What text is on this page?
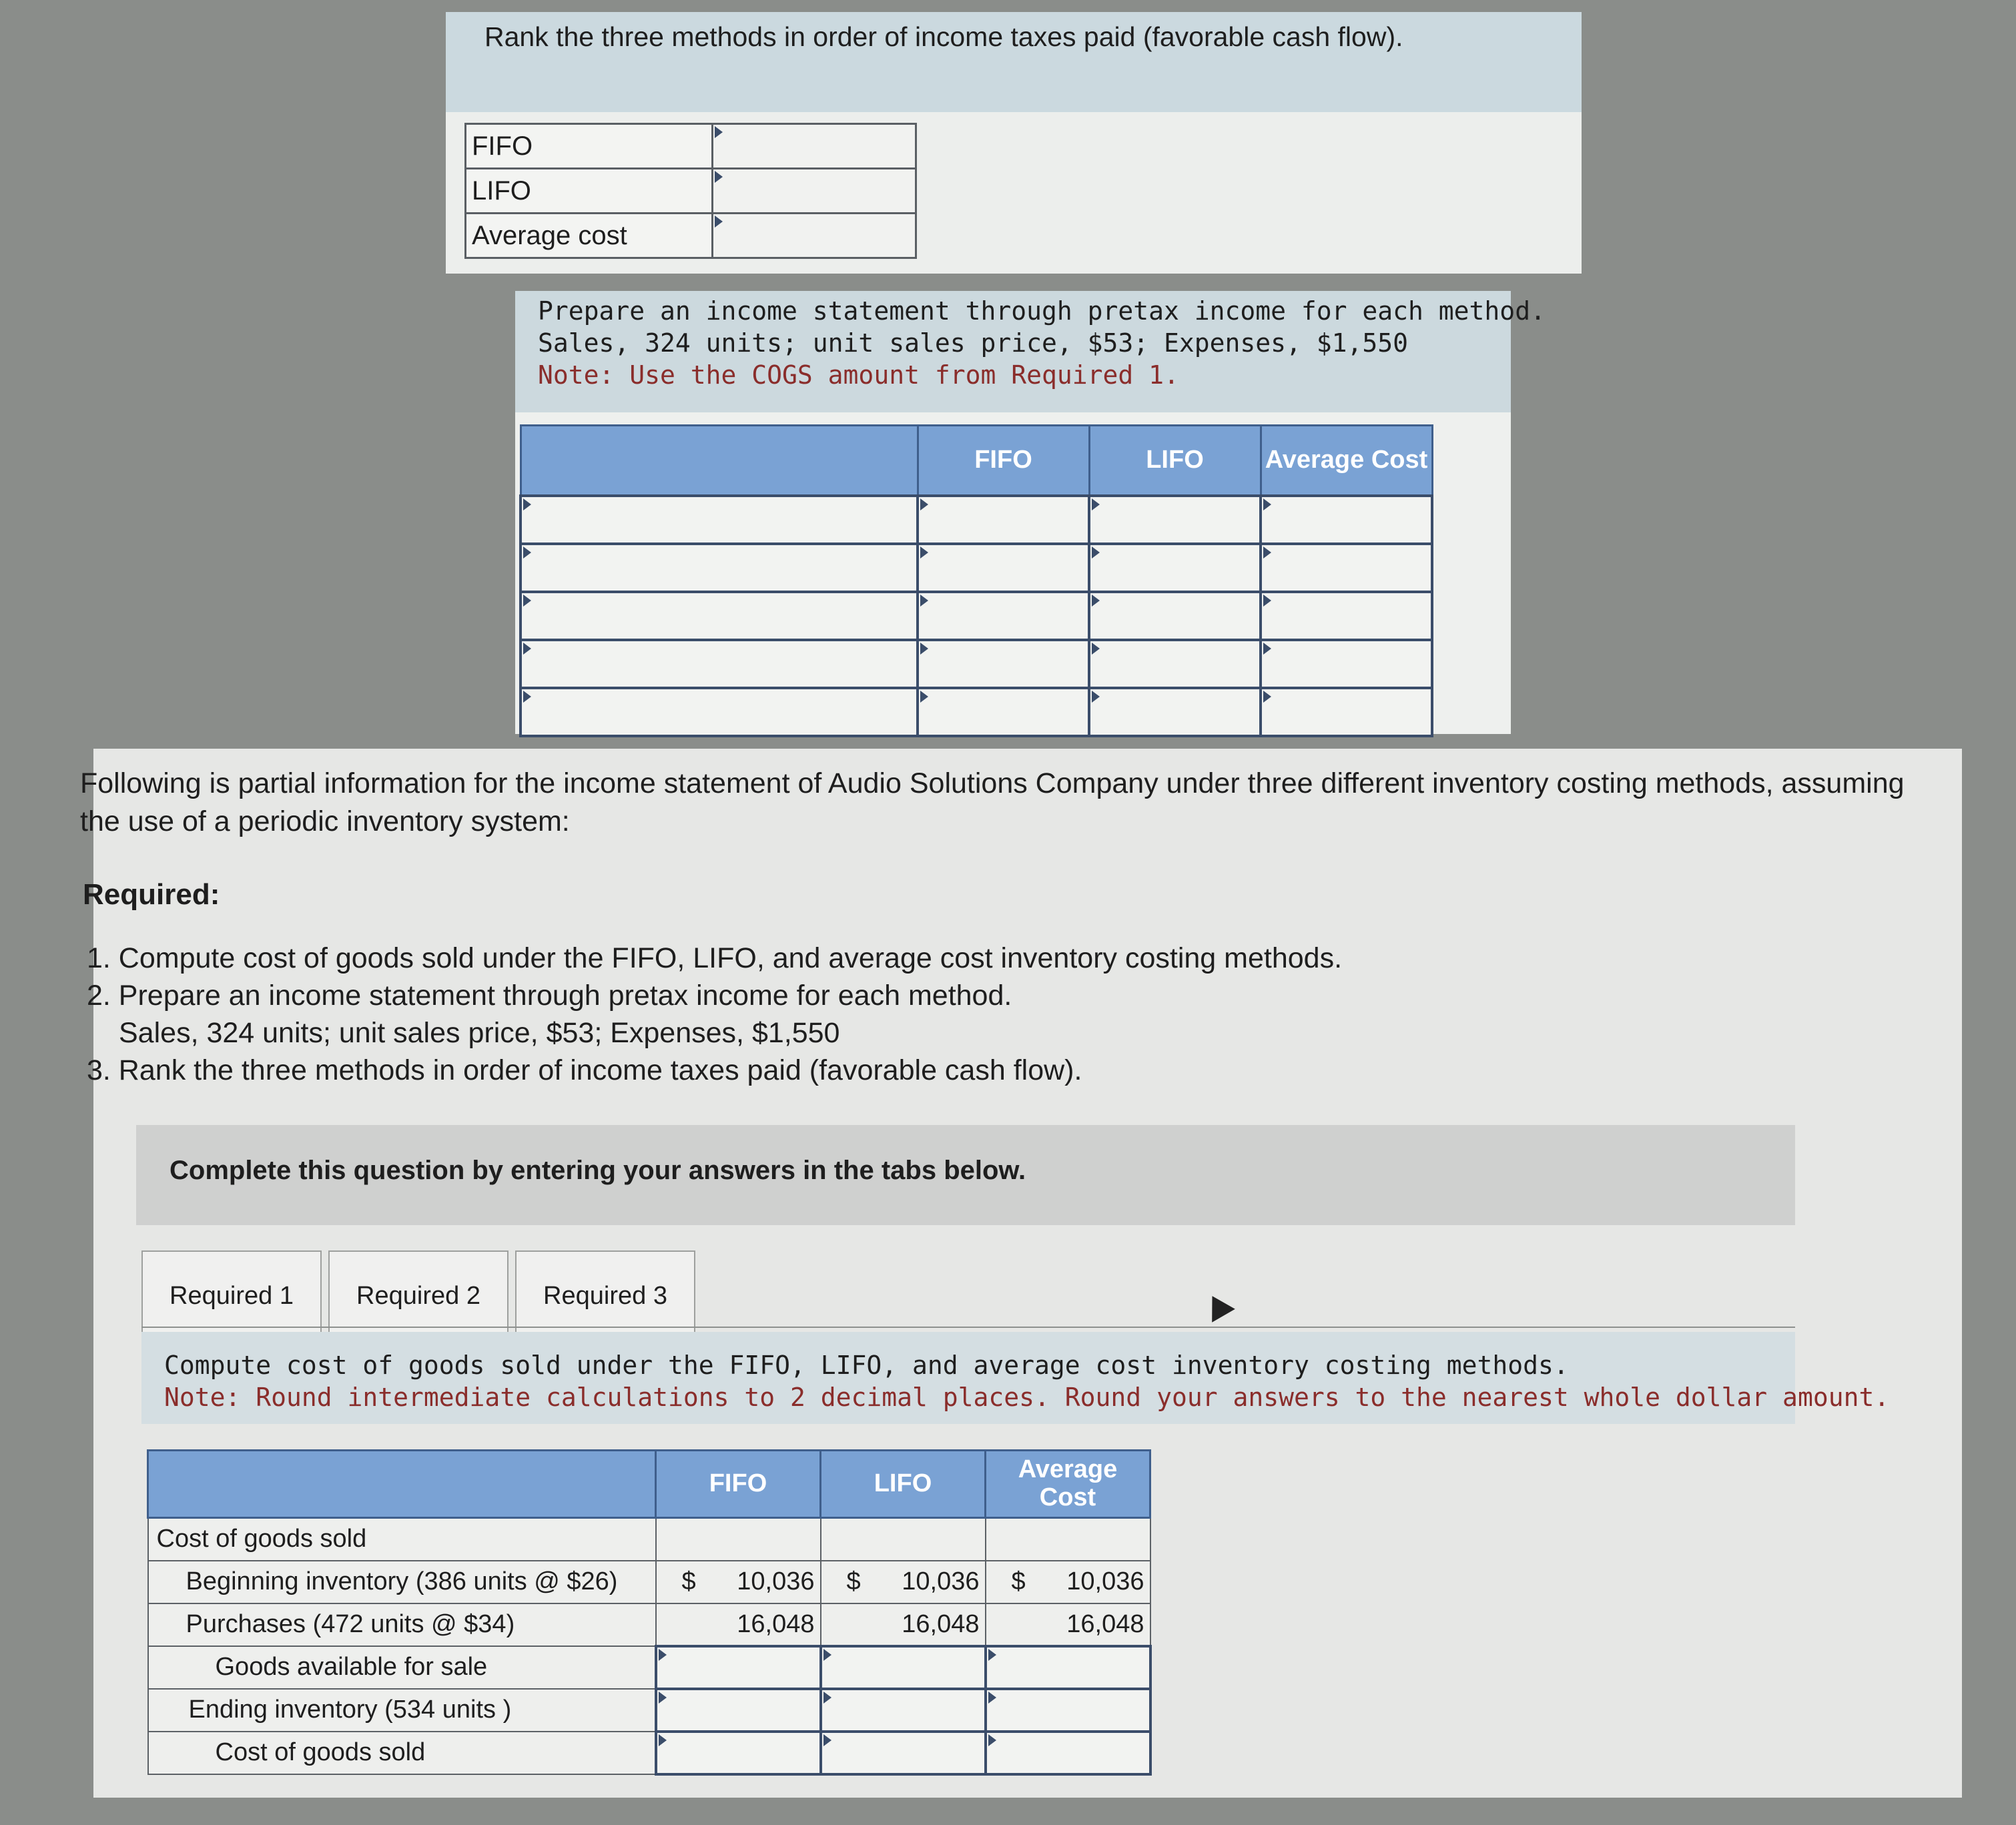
Rank the three methods in order of income taxes paid (favorable cash flow).
FIFO	

LIFO	

Average cost	

Prepare an income statement through pretax income for each method.

Sales, 324 units; unit sales price, $53; Expenses, $1,550

Note: Use the COGS amount from Required 1.

	FIFO	LIFO	Average Cost

Following is partial information for the income statement of Audio Solutions Company under three different inventory costing methods, assuming the use of a periodic inventory system:

Required:

1. Compute cost of goods sold under the FIFO, LIFO, and average cost inventory costing methods.
2. Prepare an income statement through pretax income for each method.
Sales, 324 units; unit sales price, $53; Expenses, $1,550
3. Rank the three methods in order of income taxes paid (favorable cash flow).
Complete this question by entering your answers in the tabs below.
Required 1	Required 2	Required 3

Compute cost of goods sold under the FIFO, LIFO, and average cost inventory costing methods.

Note: Round intermediate calculations to 2 decimal places. Round your answers to the nearest whole dollar amount.

	FIFO	LIFO	Average Cost
Cost of goods sold			
Beginning inventory (386 units @ $26)	$ 10,036	$ 10,036	$ 10,036
Purchases (472 units @ $34)	16,048	16,048	16,048
Goods available for sale	

Ending inventory (534 units )	

Cost of goods sold	
